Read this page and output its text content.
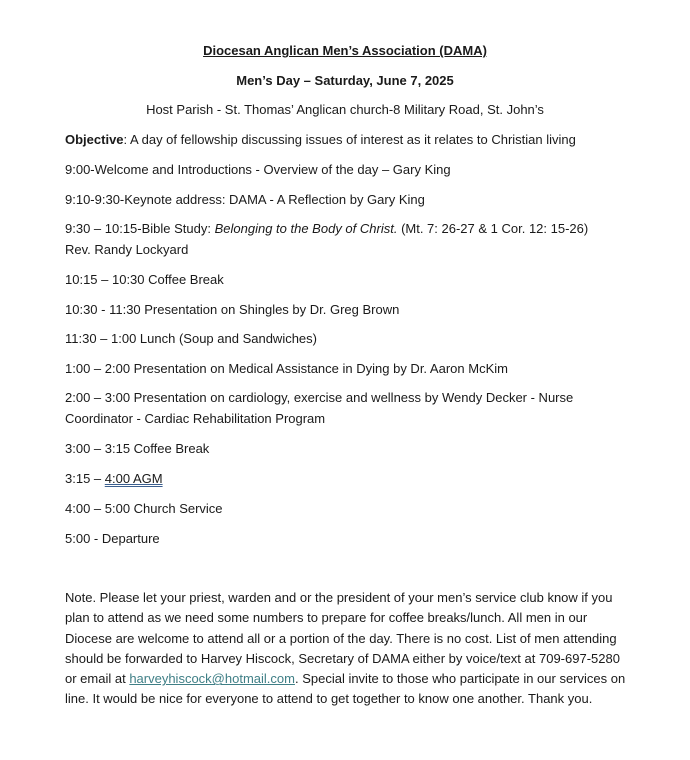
Diocesan Anglican Men’s Association (DAMA)
Men’s Day – Saturday, June 7, 2025
Host Parish - St. Thomas’ Anglican church-8 Military Road, St. John’s
Objective: A day of fellowship discussing issues of interest as it relates to Christian living
9:00-Welcome and Introductions - Overview of the day – Gary King
9:10-9:30-Keynote address: DAMA - A Reflection by Gary King
9:30 – 10:15-Bible Study: Belonging to the Body of Christ. (Mt. 7: 26-27 & 1 Cor. 12: 15-26)
Rev. Randy Lockyard
10:15 – 10:30 Coffee Break
10:30 - 11:30 Presentation on Shingles by Dr. Greg Brown
11:30 – 1:00 Lunch (Soup and Sandwiches)
1:00 – 2:00 Presentation on Medical Assistance in Dying by Dr. Aaron McKim
2:00 – 3:00 Presentation on cardiology, exercise and wellness by Wendy Decker - Nurse
Coordinator - Cardiac Rehabilitation Program
3:00 – 3:15 Coffee Break
3:15 – 4:00 AGM
4:00 – 5:00 Church Service
5:00 - Departure
Note. Please let your priest, warden and or the president of your men’s service club know if you plan to attend as we need some numbers to prepare for coffee breaks/lunch. All men in our Diocese are welcome to attend all or a portion of the day. There is no cost. List of men attending should be forwarded to Harvey Hiscock, Secretary of DAMA either by voice/text at 709-697-5280 or email at harveyhiscock@hotmail.com. Special invite to those who participate in our services on line. It would be nice for everyone to attend to get together to know one another. Thank you.
